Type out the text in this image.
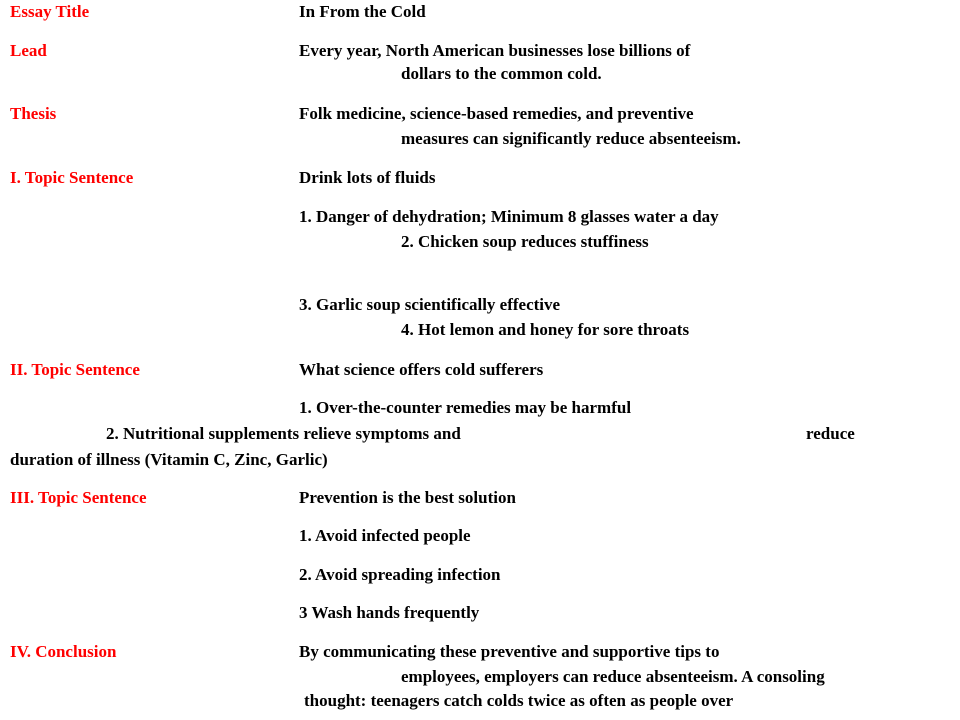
Essay Title	In From the Cold
Lead	Every year, North American businesses lose billions of
dollars to the common cold.
Thesis	Folk medicine, science-based remedies, and preventive
measures can significantly reduce absenteeism.
I. Topic Sentence	Drink lots of fluids
1. Danger of dehydration; Minimum 8 glasses water a day
2. Chicken soup reduces stuffiness
3. Garlic soup scientifically effective
4. Hot lemon and honey for sore throats
II. Topic Sentence	What science offers cold sufferers
1. Over-the-counter remedies may be harmful
2. Nutritional supplements relieve symptoms and	reduce
duration of illness (Vitamin C, Zinc, Garlic)
III. Topic Sentence	Prevention is the best solution
1. Avoid infected people
2. Avoid spreading infection
3 Wash hands frequently
IV. Conclusion	By communicating these preventive and supportive tips to
employees, employers can reduce absenteeism. A consoling
thought: teenagers catch colds twice as often as people over
